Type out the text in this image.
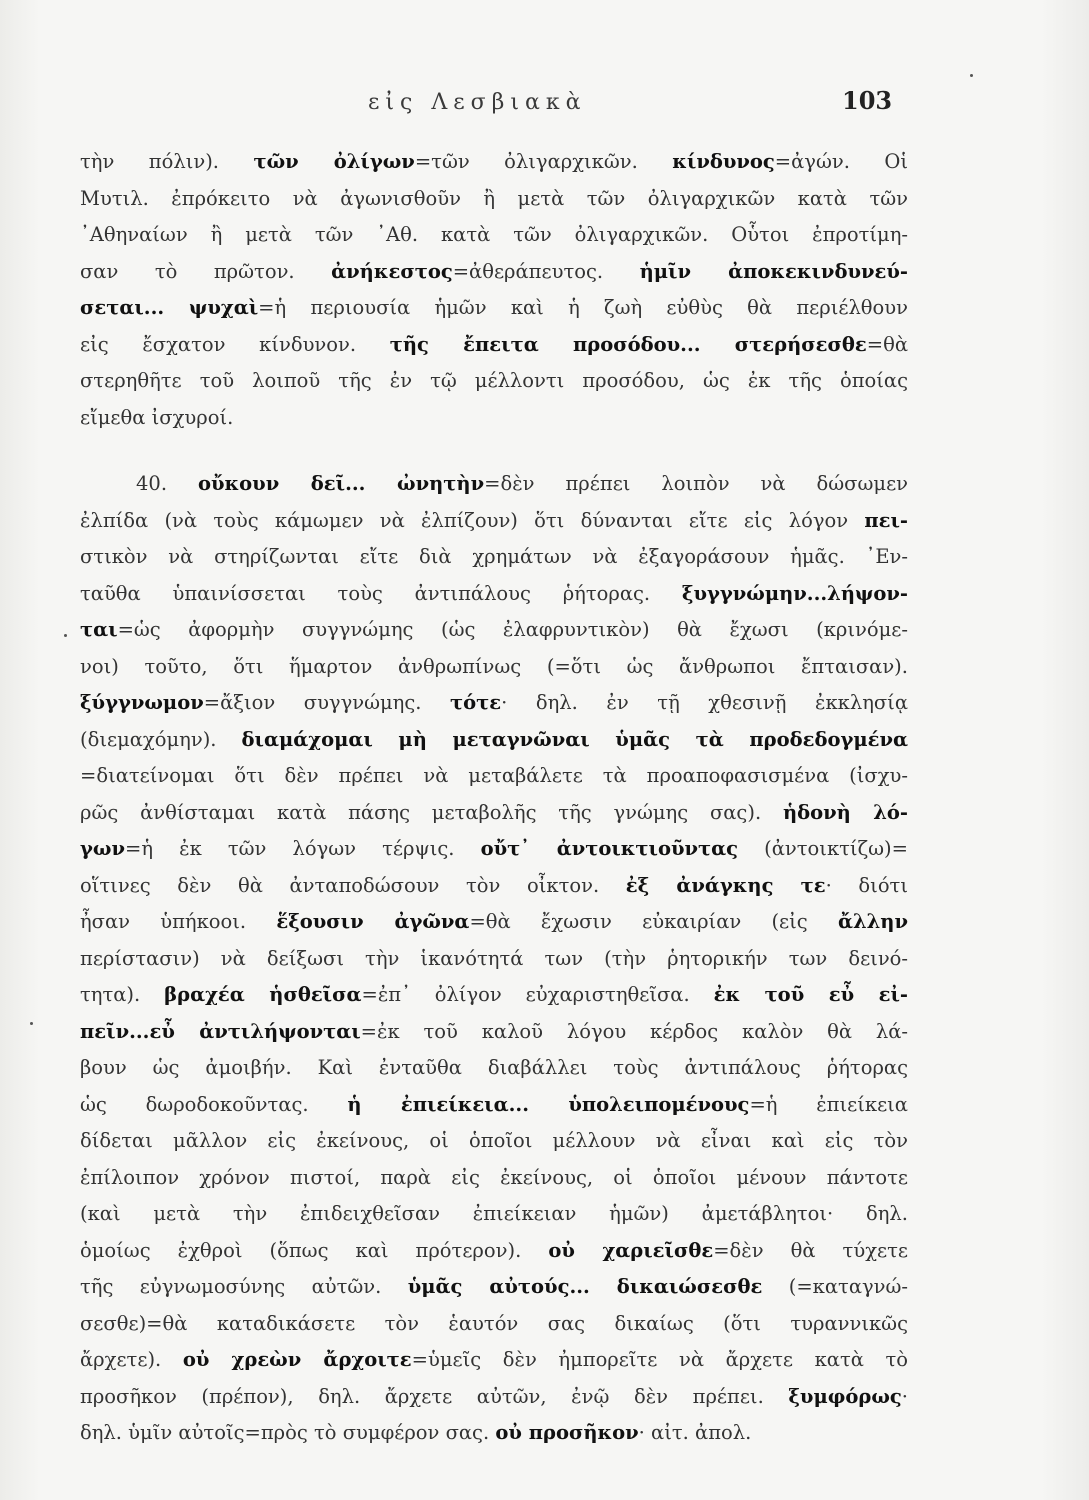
εἰς Λεσβιακὰ	103
τὴν πόλιν). τῶν ὀλίγων=τῶν ὀλιγαρχικῶν. κίνδυνος=ἀγών. Οἱ
Μυτιλ. ἐπρόκειτο νὰ ἀγωνισθοῦν ἢ μετὰ τῶν ὀλιγαρχικῶν κατὰ τῶν
᾿Αθηναίων ἢ μετὰ τῶν ᾿Αθ. κατὰ τῶν ὀλιγαρχικῶν. Οὗτοι ἐπροτίμη-
σαν τὸ πρῶτον. ἀνήκεστος=ἀθεράπευτος. ἡμῖν ἀποκεκινδυνεύ-
σεται... ψυχαὶ=ἡ περιουσία ἡμῶν καὶ ἡ ζωὴ εὐθὺς θὰ περιέλθουν
εἰς ἔσχατον κίνδυνον. τῆς ἔπειτα προσόδου... στερήσεσθε=θὰ
στερηθῆτε τοῦ λοιποῦ τῆς ἐν τῷ μέλλοντι προσόδου, ὡς ἐκ τῆς ὁποίας
εἴμεθα ἰσχυροί.
40. οὔκουν δεῖ... ὠνητὴν=δὲν πρέπει λοιπὸν νὰ δώσωμεν
ἐλπίδα (νὰ τοὺς κάμωμεν νὰ ἐλπίζουν) ὅτι δύνανται εἴτε εἰς λόγον πει-
στικὸν νὰ στηρίζωνται εἴτε διὰ χρημάτων νὰ ἐξαγοράσουν ἡμᾶς. ᾿Εν-
ταῦθα ὑπαινίσσεται τοὺς ἀντιπάλους ῥήτορας. ξυγγνώμην...λήψον-
ται=ὡς ἀφορμὴν συγγνώμης (ὡς ἐλαφρυντικὸν) θὰ ἔχωσι (κρινόμε-
νοι) τοῦτο, ὅτι ἥμαρτον ἀνθρωπίνως (=ὅτι ὡς ἄνθρωποι ἔπταισαν).
ξύγγνωμον=ἄξιον συγγνώμης. τότε· δηλ. ἐν τῇ χθεσινῇ ἐκκλησίᾳ
(διεμαχόμην). διαμάχομαι μὴ μεταγνῶναι ὑμᾶς τὰ προδεδογμένα
=διατείνομαι ὅτι δὲν πρέπει νὰ μεταβάλετε τὰ προαποφασισμένα (ἰσχυ-
ρῶς ἀνθίσταμαι κατὰ πάσης μεταβολῆς τῆς γνώμης σας). ἡδονὴ λό-
γων=ἡ ἐκ τῶν λόγων τέρψις. οὔτ᾿ ἀντοικτιοῦντας (ἀντοικτίζω)=
οἵτινες δὲν θὰ ἀνταποδώσουν τὸν οἶκτον. ἐξ ἀνάγκης τε· διότι
ἦσαν ὑπήκοοι. ἕξουσιν ἀγῶνα=θὰ ἔχωσιν εὐκαιρίαν (εἰς ἄλλην
περίστασιν) νὰ δείξωσι τὴν ἱκανότητά των (τὴν ῥητορικήν των δεινό-
τητα). βραχέα ἡσθεῖσα=ἐπ᾿ ὀλίγον εὐχαριστηθεῖσα. ἐκ τοῦ εὖ εἰ-
πεῖν...εὖ ἀντιλήψονται=ἐκ τοῦ καλοῦ λόγου κέρδος καλὸν θὰ λά-
βουν ὡς ἀμοιβήν. Καὶ ἐνταῦθα διαβάλλει τοὺς ἀντιπάλους ῥήτορας
ὡς δωροδοκοῦντας. ἡ ἐπιείκεια... ὑπολειπομένους=ἡ ἐπιείκεια
δίδεται μᾶλλον εἰς ἐκείνους, οἱ ὁποῖοι μέλλουν νὰ εἶναι καὶ εἰς τὸν
ἐπίλοιπον χρόνον πιστοί, παρὰ εἰς ἐκείνους, οἱ ὁποῖοι μένουν πάντοτε
(καὶ μετὰ τὴν ἐπιδειχθεῖσαν ἐπιείκειαν ἡμῶν) ἀμετάβλητοι· δηλ.
ὁμοίως ἐχθροὶ (ὅπως καὶ πρότερον). οὐ χαριεῖσθε=δὲν θὰ τύχετε
τῆς εὐγνωμοσύνης αὐτῶν. ὑμᾶς αὐτούς... δικαιώσεσθε (=καταγνώ-
σεσθε)=θὰ καταδικάσετε τὸν ἑαυτόν σας δικαίως (ὅτι τυραννικῶς
ἄρχετε). οὐ χρεὼν ἄρχοιτε=ὑμεῖς δὲν ἠμπορεῖτε νὰ ἄρχετε κατὰ τὸ
προσῆκον (πρέπον), δηλ. ἄρχετε αὐτῶν, ἐνῷ δὲν πρέπει. ξυμφόρως·
δηλ. ὑμῖν αὐτοῖς=πρὸς τὸ συμφέρον σας. οὐ προσῆκον· αἰτ. ἀπολ.
